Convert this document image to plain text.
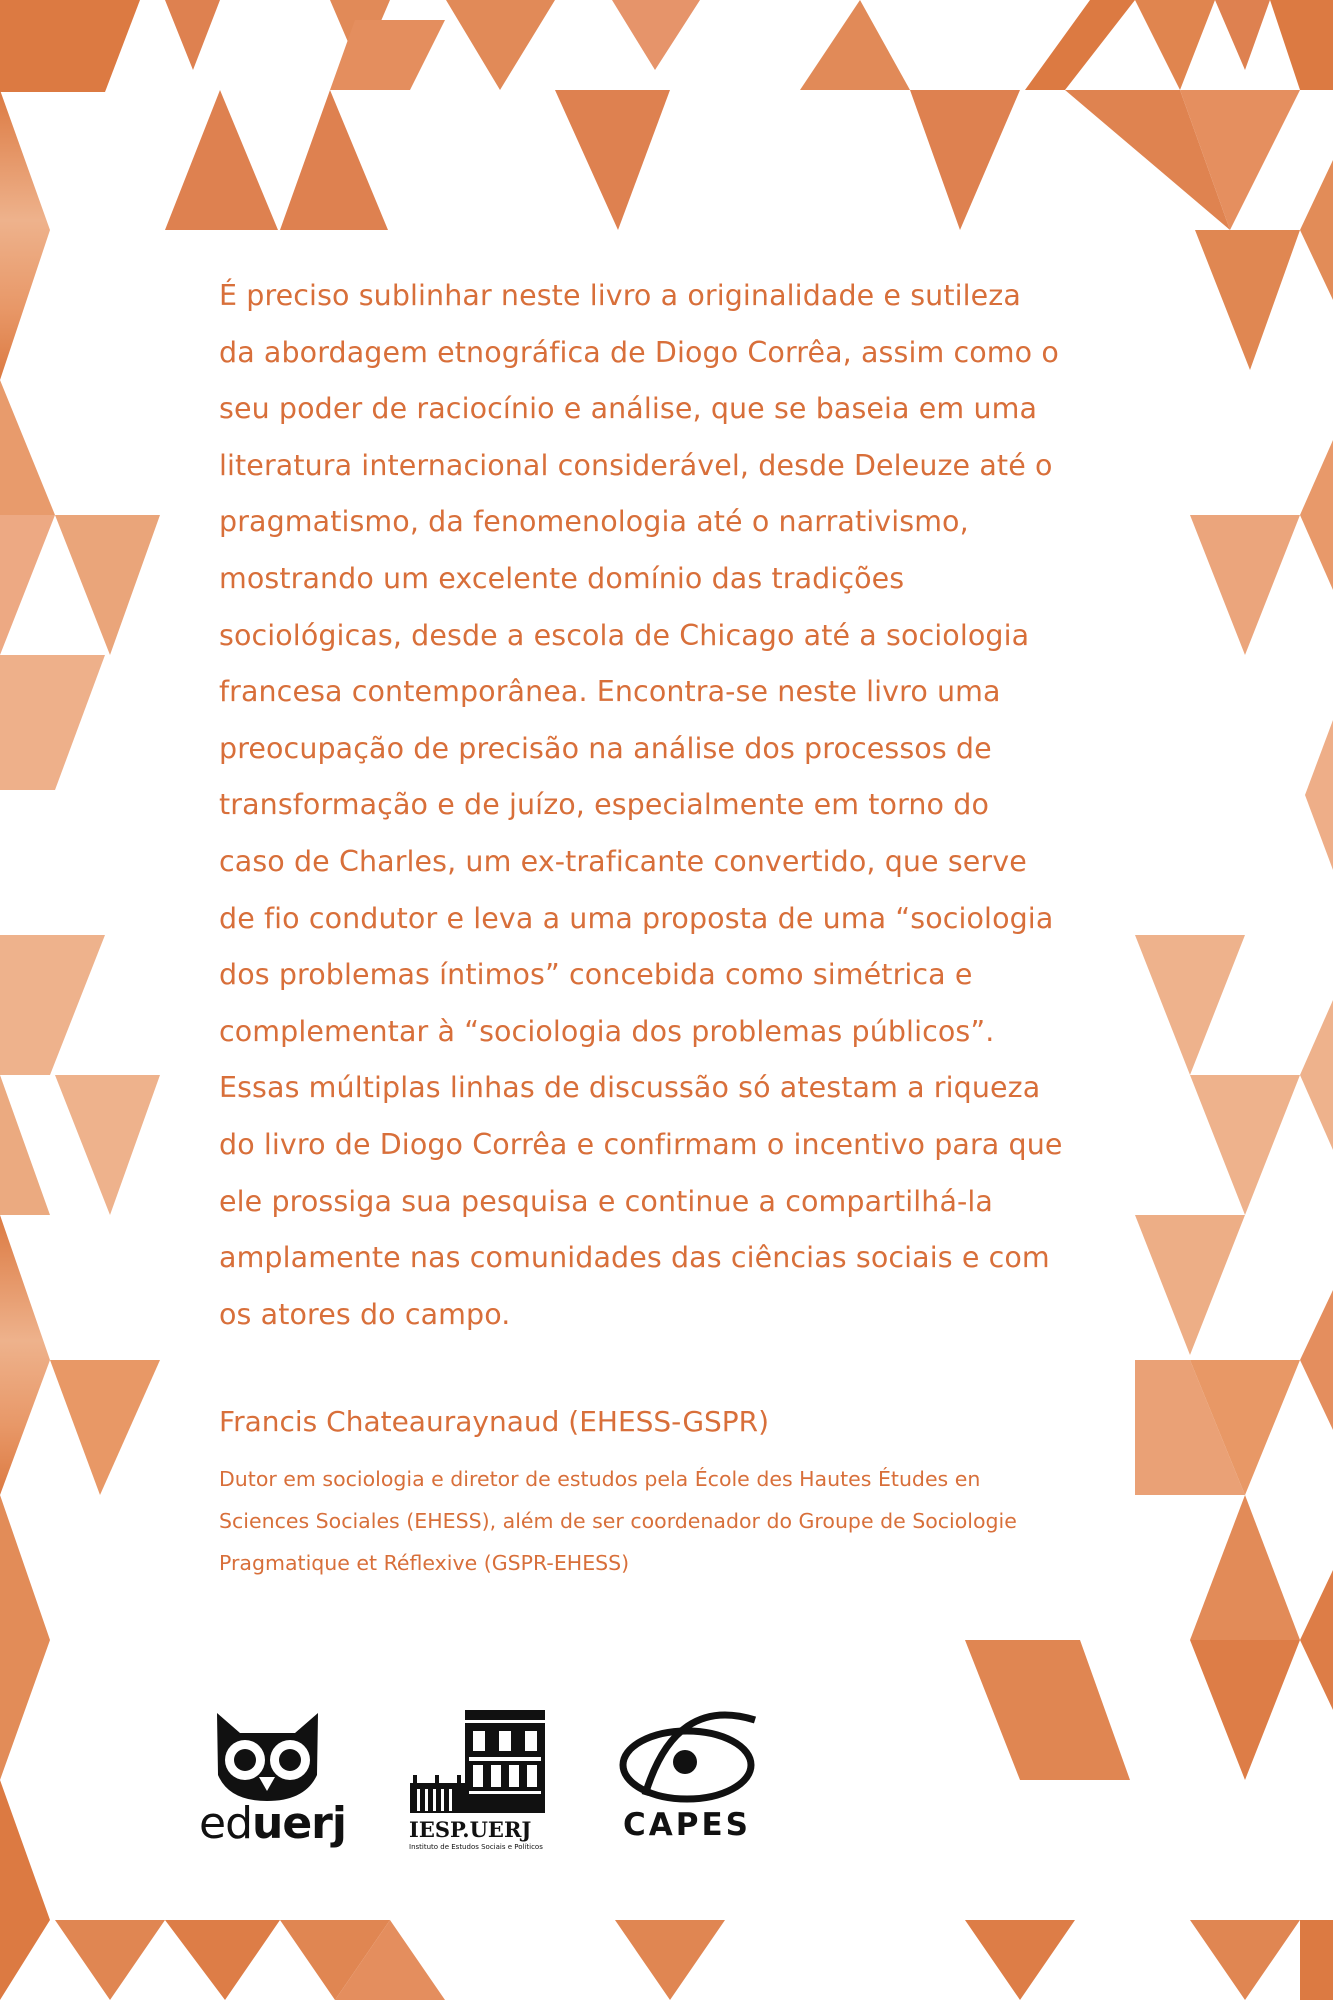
É preciso sublinhar neste livro a originalidade e sutileza
da abordagem etnográfica de Diogo Corrêa, assim como o
seu poder de raciocínio e análise, que se baseia em uma
literatura internacional considerável, desde Deleuze até o
pragmatismo, da fenomenologia até o narrativismo,
mostrando um excelente domínio das tradições
sociológicas, desde a escola de Chicago até a sociologia
francesa contemporânea. Encontra-se neste livro uma
preocupação de precisão na análise dos processos de
transformação e de juízo, especialmente em torno do
caso de Charles, um ex-traficante convertido, que serve
de fio condutor e leva a uma proposta de uma “sociologia
dos problemas íntimos” concebida como simétrica e
complementar à “sociologia dos problemas públicos”.
Essas múltiplas linhas de discussão só atestam a riqueza
do livro de Diogo Corrêa e confirmam o incentivo para que
ele prossiga sua pesquisa e continue a compartilhá-la
amplamente nas comunidades das ciências sociais e com
os atores do campo.

Francis Chateauraynaud (EHESS-GSPR)

Dutor em sociologia e diretor de estudos pela École des Hautes Études en
Sciences Sociales (EHESS), além de ser coordenador do Groupe de Sociologie
Pragmatique et Réflexive (GSPR-EHESS)

eduerj	IESP.UERJ
Instituto de Estudos Sociais e Políticos
CAPES
